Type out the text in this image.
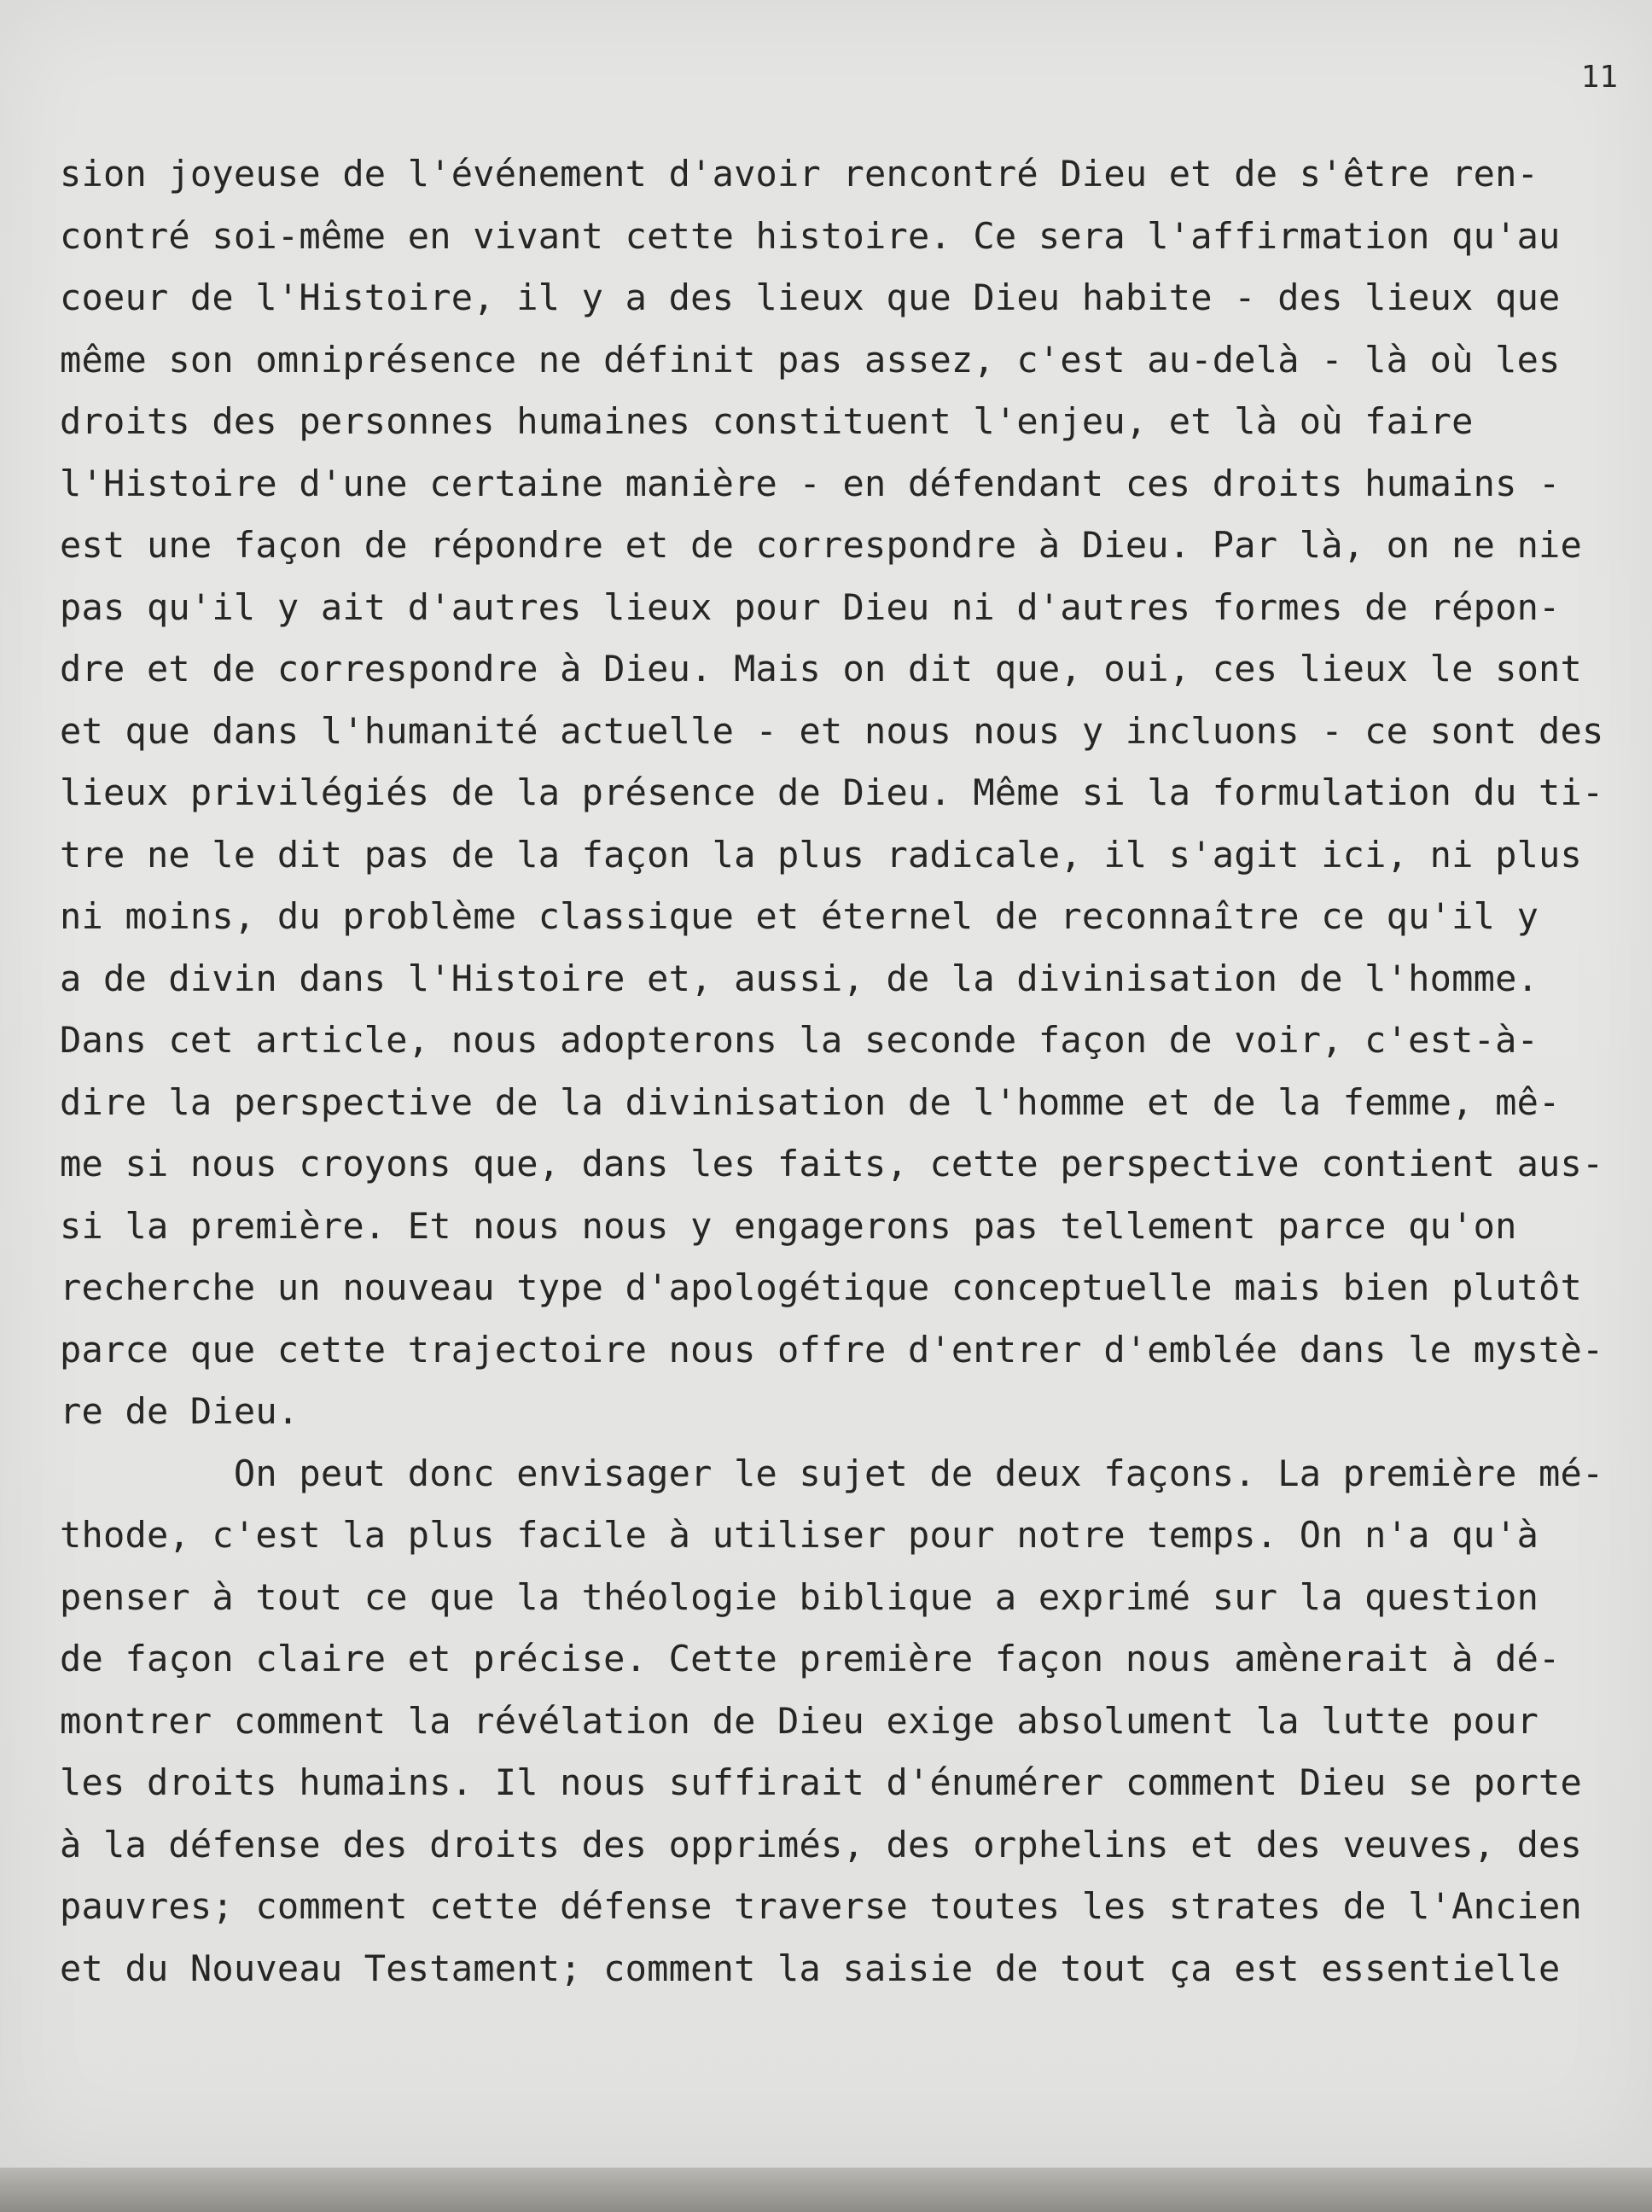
11

sion joyeuse de l'événement d'avoir rencontré Dieu et de s'être ren-

contré soi-même en vivant cette histoire. Ce sera l'affirmation qu'au

coeur de l'Histoire, il y a des lieux que Dieu habite - des lieux que

même son omniprésence ne définit pas assez, c'est au-delà - là où les

droits des personnes humaines constituent l'enjeu, et là où faire

l'Histoire d'une certaine manière - en défendant ces droits humains -

est une façon de répondre et de correspondre à Dieu. Par là, on ne nie

pas qu'il y ait d'autres lieux pour Dieu ni d'autres formes de répon-

dre et de correspondre à Dieu. Mais on dit que, oui, ces lieux le sont

et que dans l'humanité actuelle - et nous nous y incluons - ce sont des

lieux privilégiés de la présence de Dieu. Même si la formulation du ti-

tre ne le dit pas de la façon la plus radicale, il s'agit ici, ni plus

ni moins, du problème classique et éternel de reconnaître ce qu'il y

a de divin dans l'Histoire et, aussi, de la divinisation de l'homme.

Dans cet article, nous adopterons la seconde façon de voir, c'est-à-

dire la perspective de la divinisation de l'homme et de la femme, mê-

me si nous croyons que, dans les faits, cette perspective contient aus-

si la première. Et nous nous y engagerons pas tellement parce qu'on

recherche un nouveau type d'apologétique conceptuelle mais bien plutôt

parce que cette trajectoire nous offre d'entrer d'emblée dans le mystè-

re de Dieu.

On peut donc envisager le sujet de deux façons. La première mé-

thode, c'est la plus facile à utiliser pour notre temps. On n'a qu'à

penser à tout ce que la théologie biblique a exprimé sur la question

de façon claire et précise. Cette première façon nous amènerait à dé-

montrer comment la révélation de Dieu exige absolument la lutte pour

les droits humains. Il nous suffirait d'énumérer comment Dieu se porte

à la défense des droits des opprimés, des orphelins et des veuves, des

pauvres; comment cette défense traverse toutes les strates de l'Ancien

et du Nouveau Testament; comment la saisie de tout ça est essentielle
